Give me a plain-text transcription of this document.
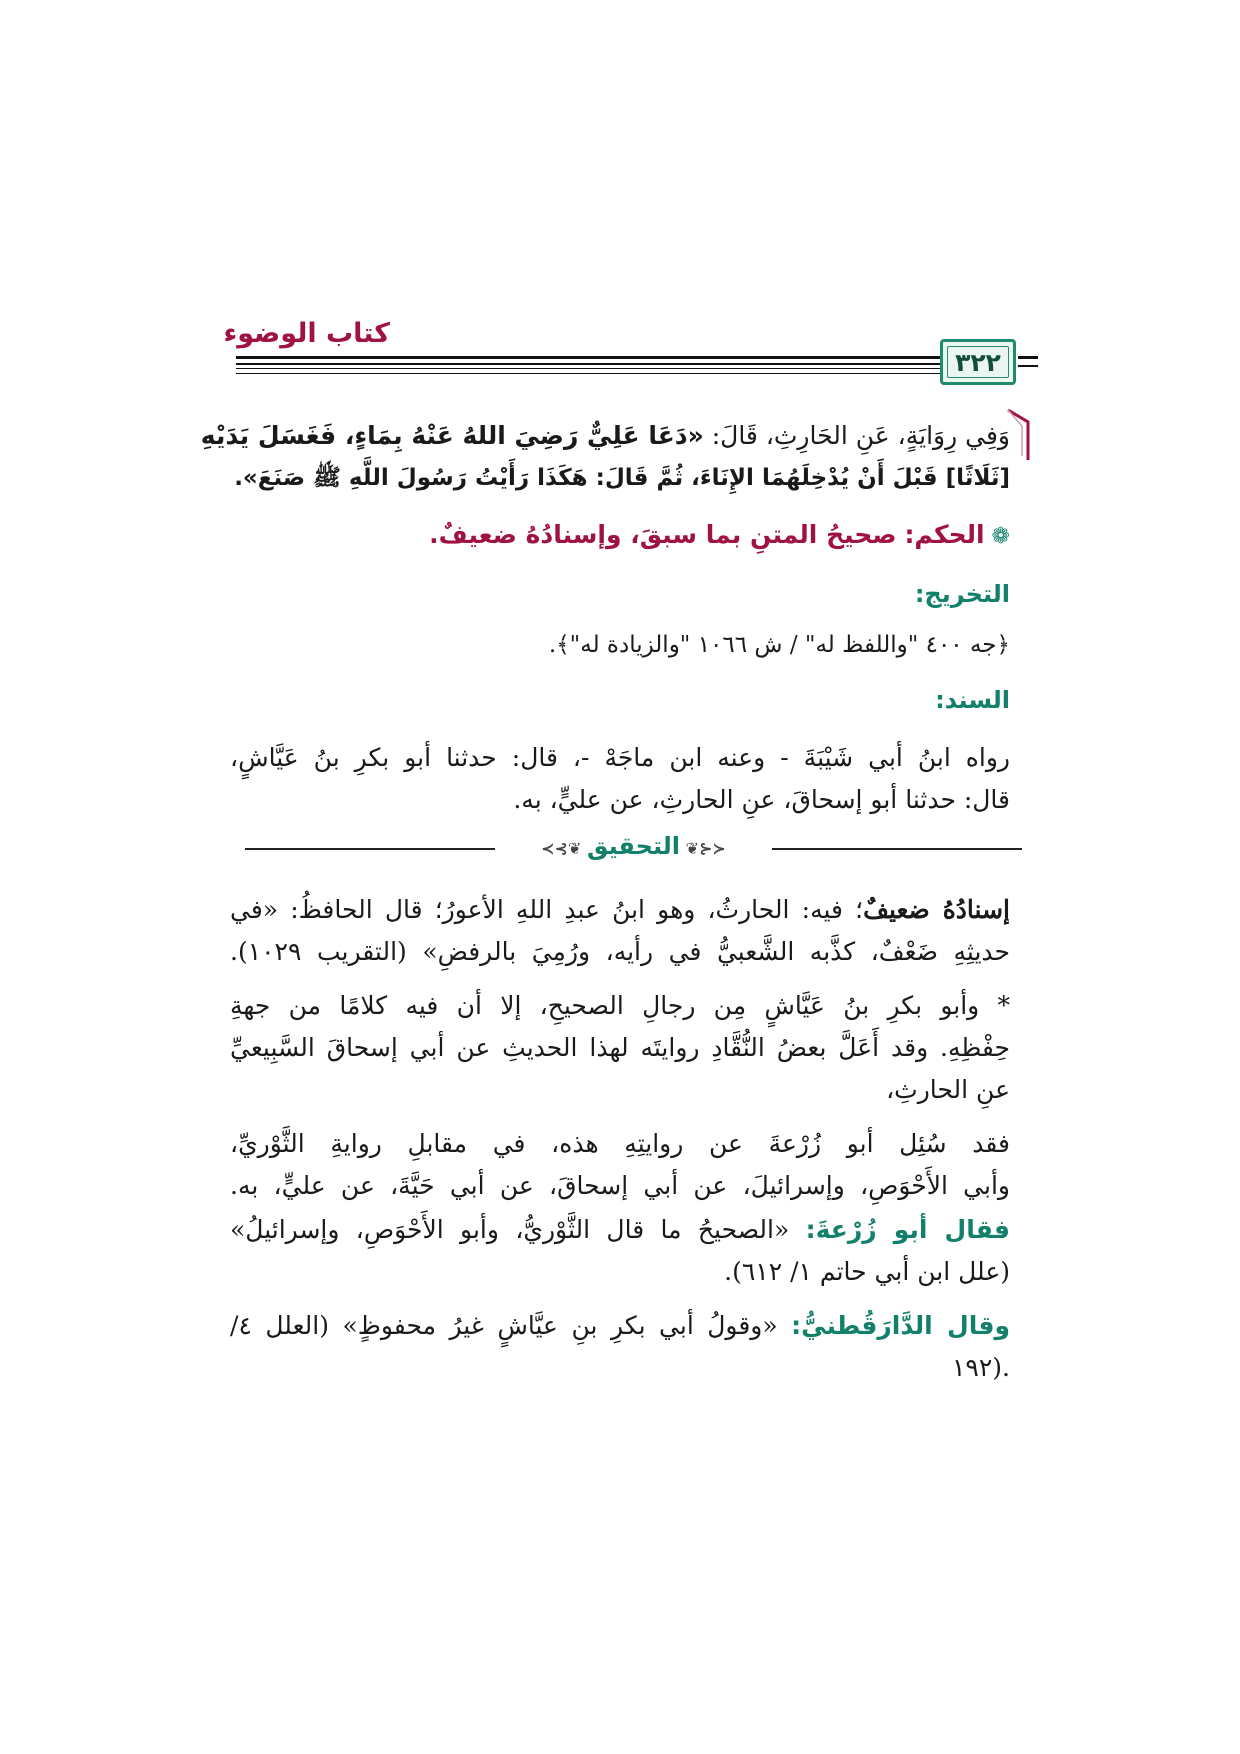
كتاب الوضوء
٣٢٢
وَفِي رِوَايَةٍ، عَنِ الحَارِثِ، قَالَ: «دَعَا عَلِيٌّ رَضِيَ اللهُ عَنْهُ بِمَاءٍ، فَغَسَلَ يَدَيْهِ
[ثَلَاثًا] قَبْلَ أَنْ يُدْخِلَهُمَا الإِنَاءَ، ثُمَّ قَالَ: هَكَذَا رَأَيْتُ رَسُولَ اللَّهِ ﷺ صَنَعَ».
❁ الحكم: صحيحُ المتنِ بما سبقَ، وإسنادُهُ ضعيفٌ.
التخريج:
﴿جه ٤٠٠ "واللفظ له" / ش ١٠٦٦ "والزيادة له"﴾.
السند:
رواه ابنُ أبي شَيْبَةَ - وعنه ابن ماجَهْ -، قال: حدثنا أبو بكرِ بنُ عَيَّاشٍ،
قال: حدثنا أبو إسحاقَ، عنِ الحارثِ، عن عليٍّ، به.
≺⊰❦ التحقيق ❦⊱≻
إسنادُهُ ضعيفٌ؛ فيه: الحارثُ، وهو ابنُ عبدِ اللهِ الأعورُ؛ قال الحافظُ: «في
حديثِهِ ضَعْفٌ، كذَّبه الشَّعبيُّ في رأيه، ورُمِيَ بالرفضِ» (التقريب ١٠٢٩).
* وأبو بكرِ بنُ عَيَّاشٍ مِن رجالِ الصحيحِ، إلا أن فيه كلامًا من جهةِ
حِفْظِهِ. وقد أَعَلَّ بعضُ النُّقَّادِ روايتَه لهذا الحديثِ عن أبي إسحاقَ السَّبِيعيِّ
عنِ الحارثِ،
فقد سُئِل أبو زُرْعةَ عن روايتِهِ هذه، في مقابلِ روايةِ الثَّوْريِّ،
وأبي الأَحْوَصِ، وإسرائيلَ، عن أبي إسحاقَ، عن أبي حَيَّةَ، عن عليٍّ، به.
فقال أبو زُرْعةَ: «الصحيحُ ما قال الثَّوْريُّ، وأبو الأَحْوَصِ، وإسرائيلُ»
(علل ابن أبي حاتم ١/ ٦١٢).
وقال الدَّارَقُطنيُّ: «وقولُ أبي بكرِ بنِ عيَّاشٍ غيرُ محفوظٍ» (العلل ٤/
١٩٢).
